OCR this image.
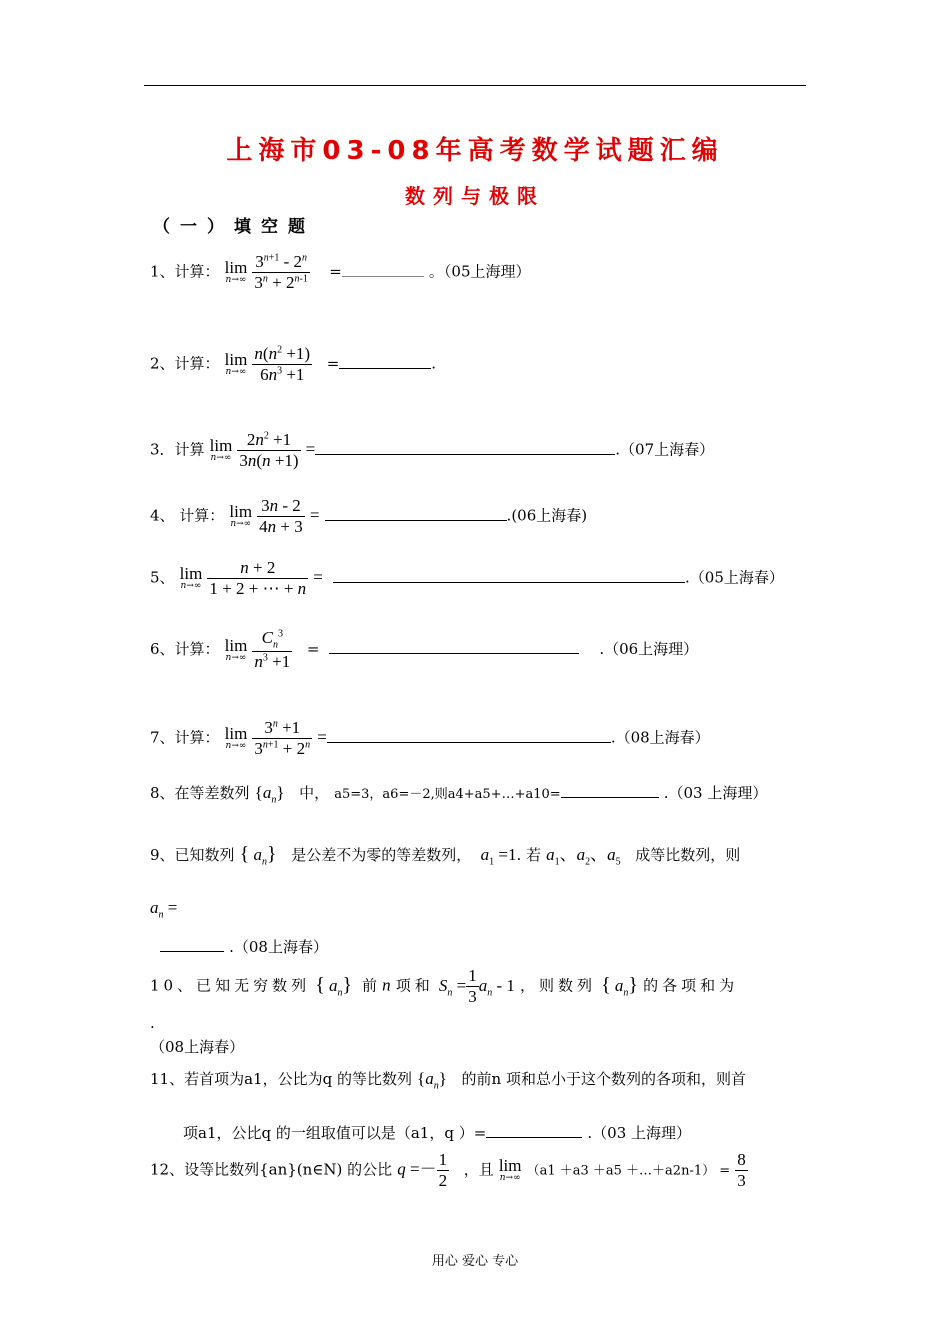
上海市03-08年高考数学试题汇编
数列与极限
（一）填空题
1、计算： lim
n→∞
$\frac{3^{n+1} - 2^n}{3^n + 2^{n-1}}$ =	。（05上海理）
2、计算： lim
n→∞
$\frac{n(n^2 +1)}{6n^3 +1}$ =	.
3．计算 lim
n→∞
$\frac{2n^2 +1}{3n(n +1)}$ =	.（07上海春）
4、 计算： lim
n→∞
$\frac{3n - 2}{4n + 3}$ =	.(06上海春)
5、 lim
n→∞
$\frac{n + 2}{1 + 2 + \cdots + n}$ =	.（05上海春）
6、计算： lim
n→∞
$\frac{C_n^3}{n^3 +1}$ =	.（06上海理）
7、计算： lim
n→∞
$\frac{3^n +1}{3^{n+1} + 2^n}$ =	.（08上海春）
8、在等差数列 $\{a_n\}$ 中， a5=3，a6=－2,则a4+a5+…+a10=	.（03 上海理）
9、已知数列 { $a_n$} 是公差不为零的等差数列， $a_1 =1$. 若 $a_1$、$a_2$、$a_5$ 成等比数列，则
$a_n$ =
.（08上海春）
10、已知无穷数列 { $a_n$} 前 n 项和 $S_n = \frac{1}{3} a_n - 1$ ，则数列 { $a_n$} 的各项和为
.
（08上海春）
11、若首项为a1，公比为q 的等比数列 $\{a_n\}$ 的前n 项和总小于这个数列的各项和，则首
项a1，公比q 的一组取值可以是（a1，q ）=	.（03 上海理）
12、设等比数列{an}(n∈N) 的公比 $q =- \frac{1}{2}$ ，且 lim
n→∞ （a1 ＋a3 ＋a5 ＋…＋a2n-1） = $\frac{8}{3}$
用心 爱心 专心
